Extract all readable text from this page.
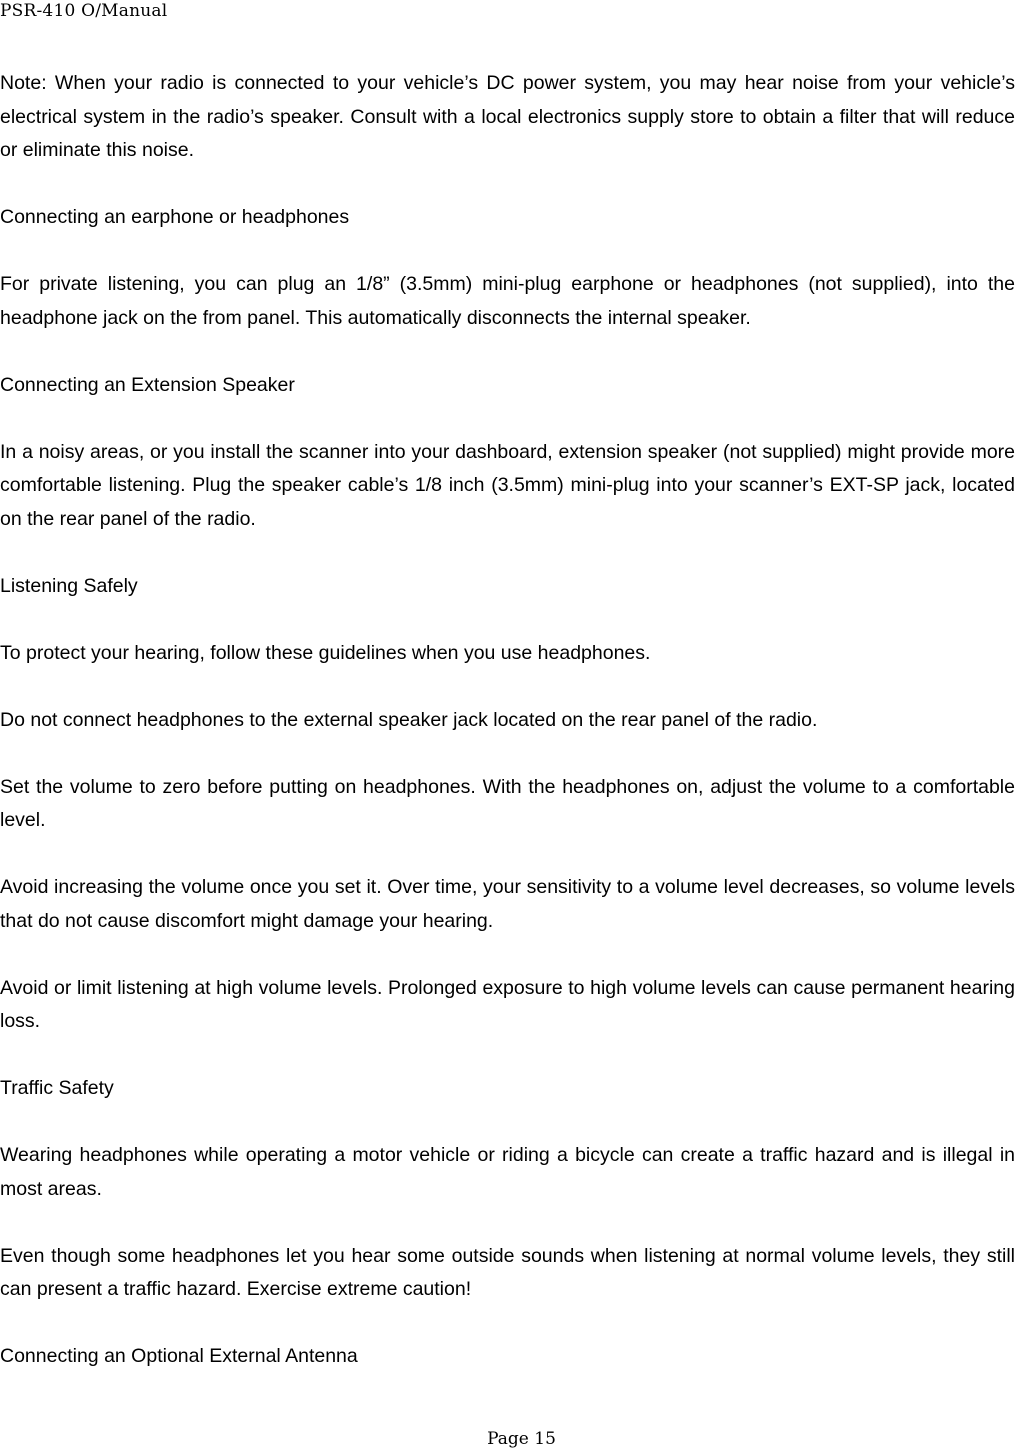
PSR-410 O/Manual

Note: When your radio is connected to your vehicle’s DC power system, you may hear noise from your vehicle’s electrical system in the radio’s speaker. Consult with a local electronics supply store to obtain a filter that will reduce or eliminate this noise.

Connecting an earphone or headphones

For private listening, you can plug an 1/8” (3.5mm) mini-plug earphone or headphones (not supplied), into the headphone jack on the from panel. This automatically disconnects the internal speaker.

Connecting an Extension Speaker

In a noisy areas, or you install the scanner into your dashboard, extension speaker (not supplied) might provide more comfortable listening. Plug the speaker cable’s 1/8 inch (3.5mm) mini-plug into your scanner’s EXT-SP jack, located on the rear panel of the radio.

Listening Safely

To protect your hearing, follow these guidelines when you use headphones.

Do not connect headphones to the external speaker jack located on the rear panel of the radio.

Set the volume to zero before putting on headphones. With the headphones on, adjust the volume to a comfortable level.

Avoid increasing the volume once you set it. Over time, your sensitivity to a volume level decreases, so volume levels that do not cause discomfort might damage your hearing.

Avoid or limit listening at high volume levels. Prolonged exposure to high volume levels can cause permanent hearing loss.

Traffic Safety

Wearing headphones while operating a motor vehicle or riding a bicycle can create a traffic hazard and is illegal in most areas.

Even though some headphones let you hear some outside sounds when listening at normal volume levels, they still can present a traffic hazard. Exercise extreme caution!

Connecting an Optional External Antenna

Page 15
